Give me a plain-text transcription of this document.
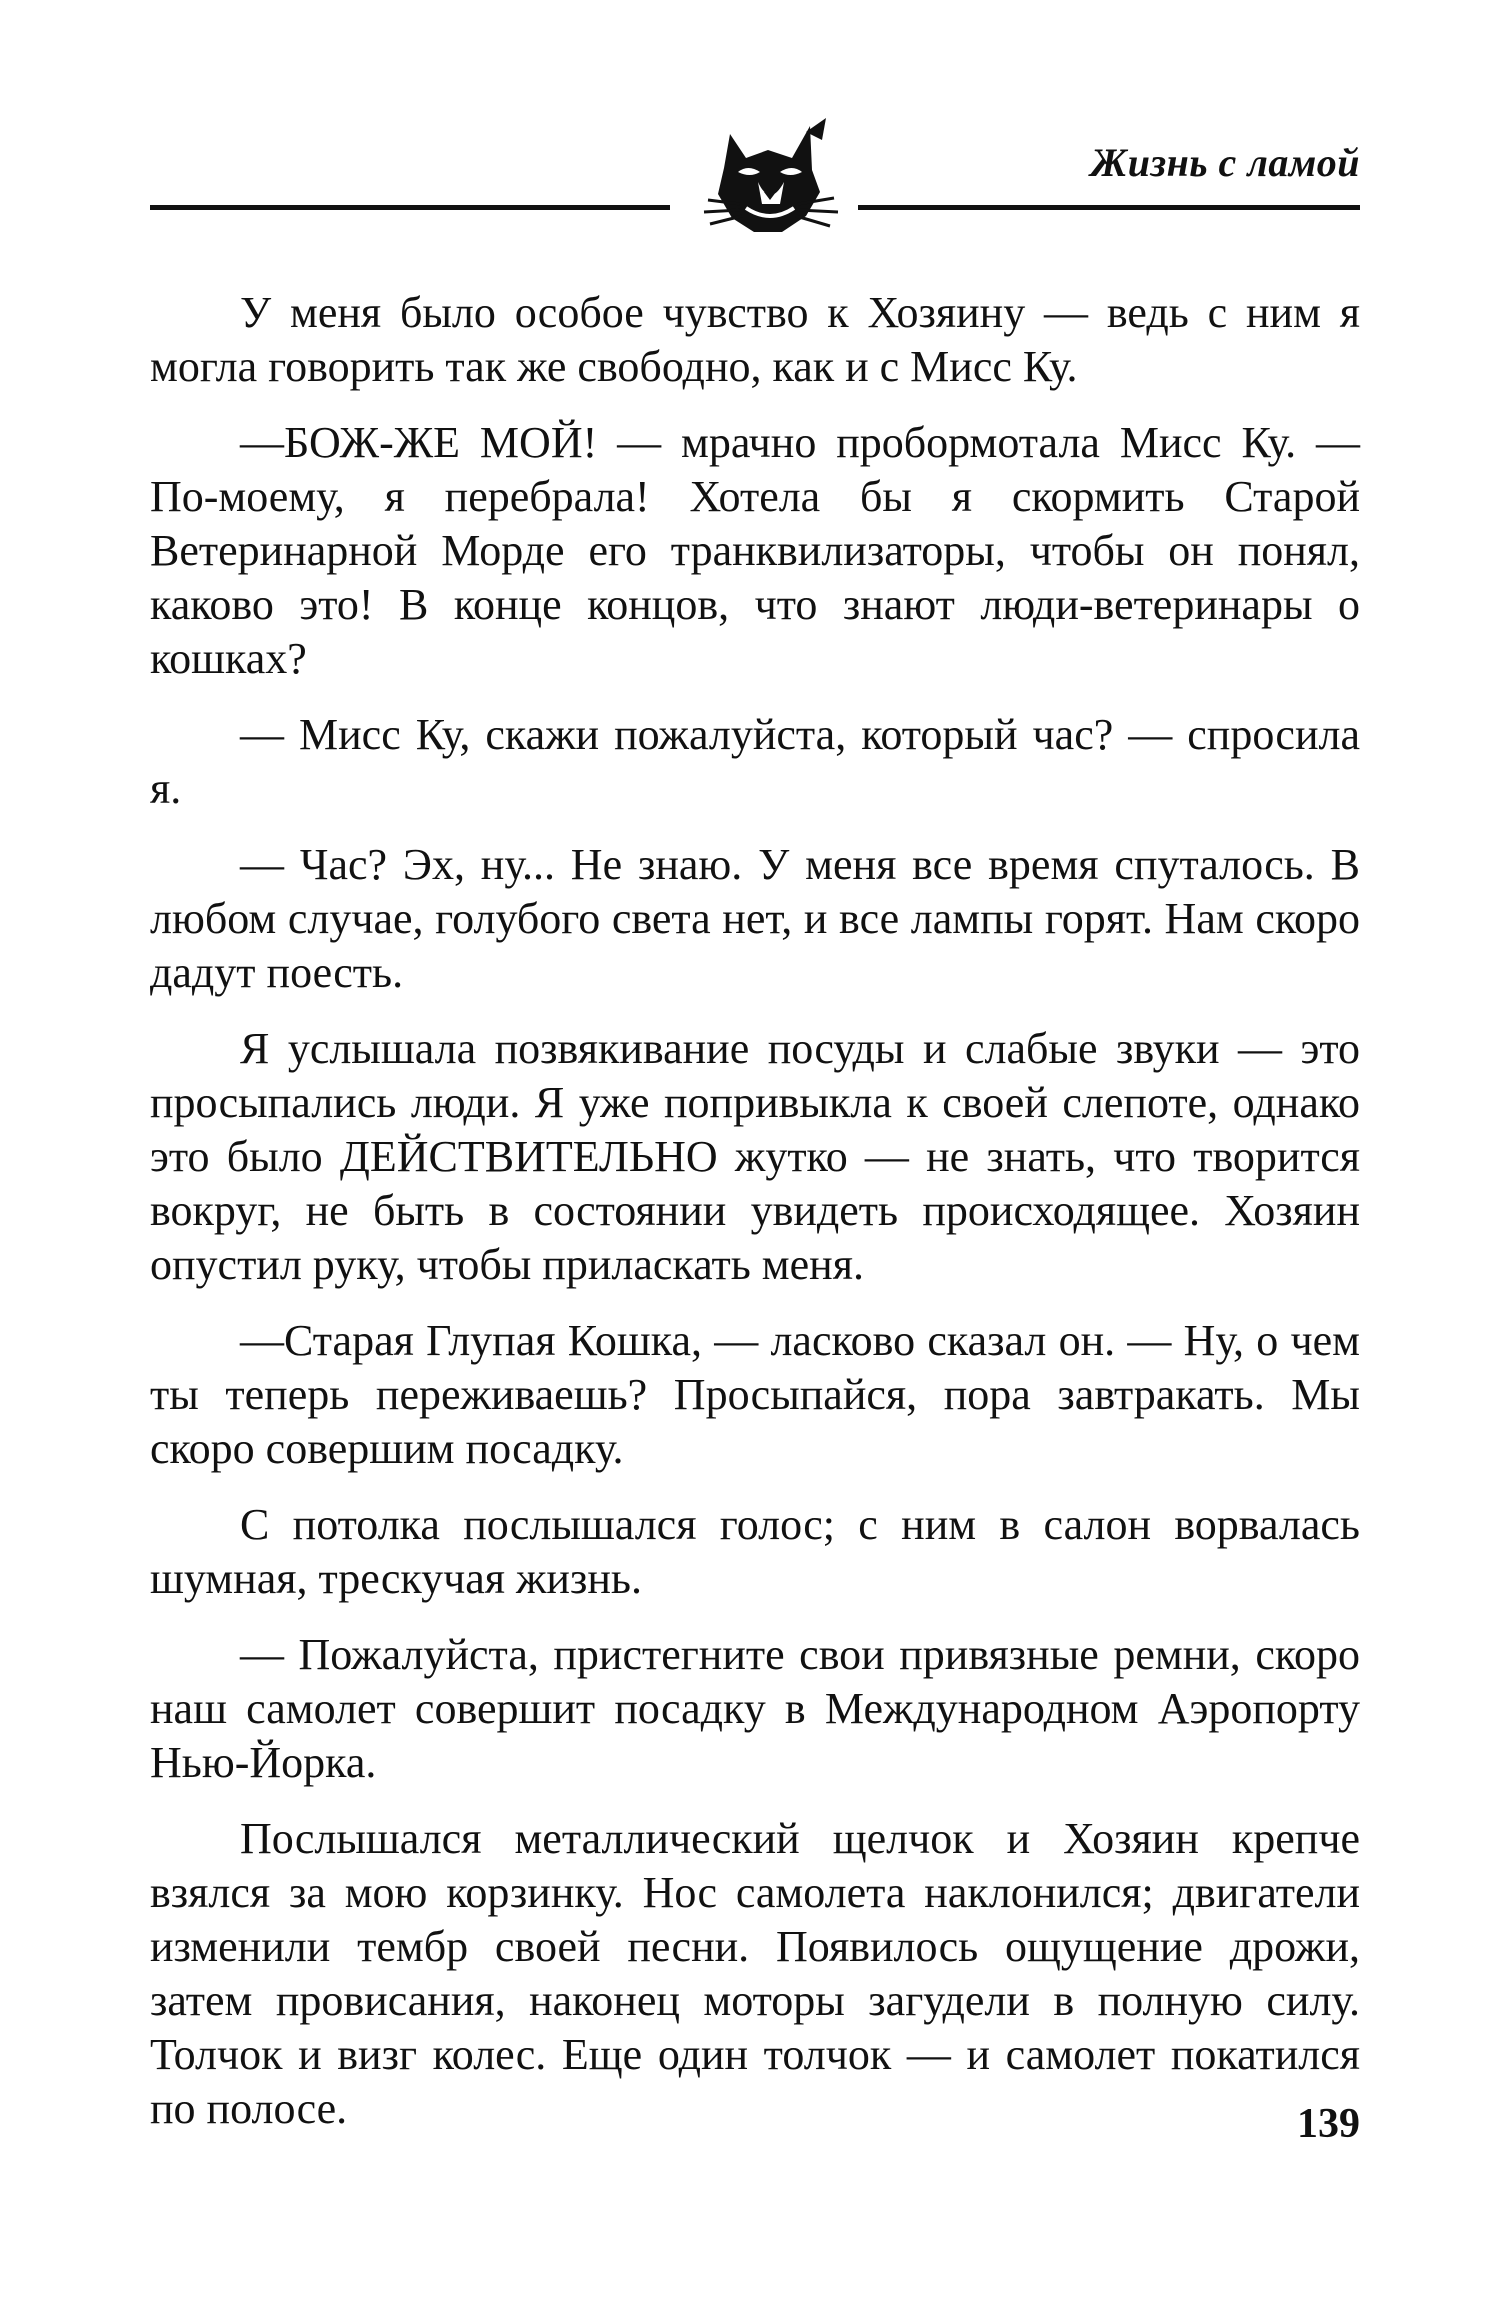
Жизнь с ламой

У меня было особое чувство к Хозяину — ведь с ним я могла говорить так же свободно, как и с Мисс Ку.

—БОЖ-ЖЕ МОЙ! — мрачно пробормотала Мисс Ку. — По-моему, я перебрала! Хотела бы я скормить Старой Ветеринарной Морде его транквилизаторы, чтобы он понял, каково это! В конце концов, что знают люди-ветеринары о кошках?

— Мисс Ку, скажи пожалуйста, который час? — спросила я.

— Час? Эх, ну... Не знаю. У меня все время спуталось. В любом случае, голубого света нет, и все лампы горят. Нам скоро дадут поесть.

Я услышала позвякивание посуды и слабые звуки — это просыпались люди. Я уже попривыкла к своей слепоте, однако это было ДЕЙСТВИТЕЛЬНО жутко — не знать, что творится вокруг, не быть в состоянии увидеть происходящее. Хозяин опустил руку, чтобы приласкать меня.

—Старая Глупая Кошка, — ласково сказал он. — Ну, о чем ты теперь переживаешь? Просыпайся, пора завтракать. Мы скоро совершим посадку.

С потолка послышался голос; с ним в салон ворвалась шумная, трескучая жизнь.

— Пожалуйста, пристегните свои привязные ремни, скоро наш самолет совершит посадку в Международном Аэропорту Нью-Йорка.

Послышался металлический щелчок и Хозяин крепче взялся за мою корзинку. Нос самолета наклонился; двигатели изменили тембр своей песни. Появилось ощущение дрожи, затем провисания, наконец моторы загудели в полную силу. Толчок и визг колес. Еще один толчок — и самолет покатился по полосе.	139
